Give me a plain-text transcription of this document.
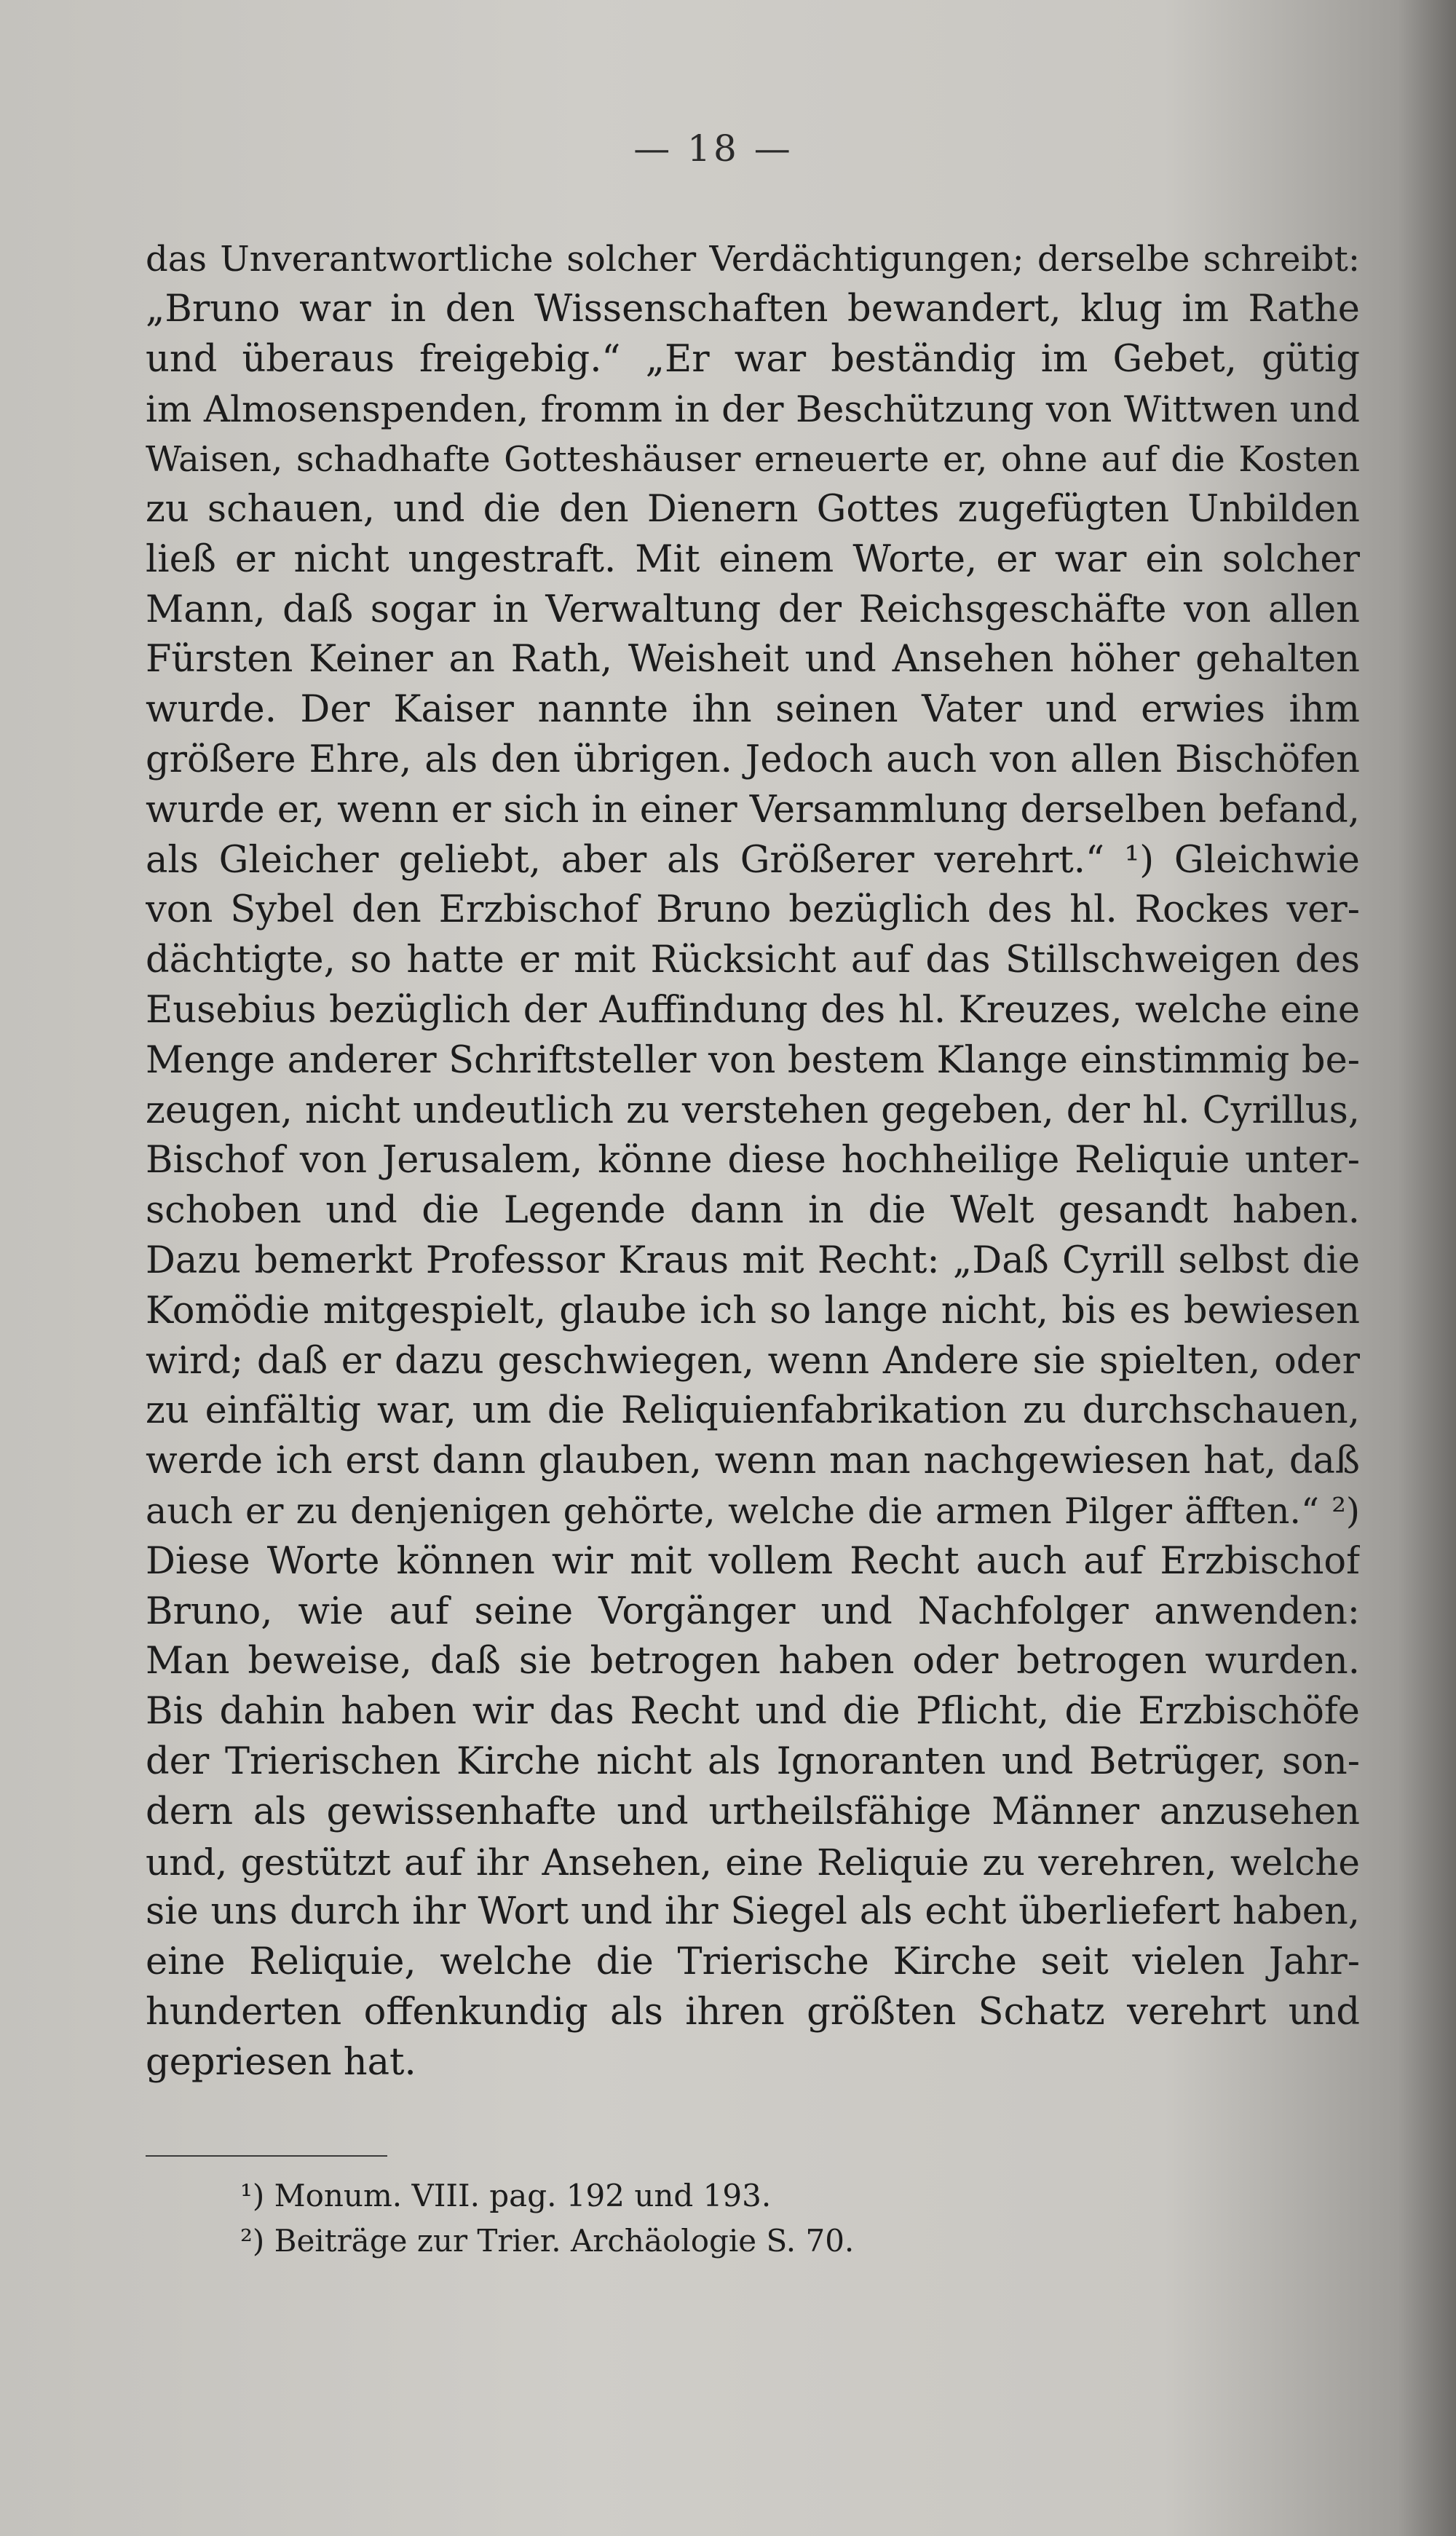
— 18 —
das Unverantwortliche solcher Verdächtigungen; derselbe schreibt:
„Bruno war in den Wissenschaften bewandert, klug im Rathe
und überaus freigebig.“ „Er war beständig im Gebet, gütig
im Almosenspenden, fromm in der Beschützung von Wittwen und
Waisen, schadhafte Gotteshäuser erneuerte er, ohne auf die Kosten
zu schauen, und die den Dienern Gottes zugefügten Unbilden
ließ er nicht ungestraft. Mit einem Worte, er war ein solcher
Mann, daß sogar in Verwaltung der Reichsgeschäfte von allen
Fürsten Keiner an Rath, Weisheit und Ansehen höher gehalten
wurde. Der Kaiser nannte ihn seinen Vater und erwies ihm
größere Ehre, als den übrigen. Jedoch auch von allen Bischöfen
wurde er, wenn er sich in einer Versammlung derselben befand,
als Gleicher geliebt, aber als Größerer verehrt.“ ¹) Gleichwie
von Sybel den Erzbischof Bruno bezüglich des hl. Rockes ver-
dächtigte, so hatte er mit Rücksicht auf das Stillschweigen des
Eusebius bezüglich der Auffindung des hl. Kreuzes, welche eine
Menge anderer Schriftsteller von bestem Klange einstimmig be-
zeugen, nicht undeutlich zu verstehen gegeben, der hl. Cyrillus,
Bischof von Jerusalem, könne diese hochheilige Reliquie unter-
schoben und die Legende dann in die Welt gesandt haben.
Dazu bemerkt Professor Kraus mit Recht: „Daß Cyrill selbst die
Komödie mitgespielt, glaube ich so lange nicht, bis es bewiesen
wird; daß er dazu geschwiegen, wenn Andere sie spielten, oder
zu einfältig war, um die Reliquienfabrikation zu durchschauen,
werde ich erst dann glauben, wenn man nachgewiesen hat, daß
auch er zu denjenigen gehörte, welche die armen Pilger äfften.“ ²)
Diese Worte können wir mit vollem Recht auch auf Erzbischof
Bruno, wie auf seine Vorgänger und Nachfolger anwenden:
Man beweise, daß sie betrogen haben oder betrogen wurden.
Bis dahin haben wir das Recht und die Pflicht, die Erzbischöfe
der Trierischen Kirche nicht als Ignoranten und Betrüger, son-
dern als gewissenhafte und urtheilsfähige Männer anzusehen
und, gestützt auf ihr Ansehen, eine Reliquie zu verehren, welche
sie uns durch ihr Wort und ihr Siegel als echt überliefert haben,
eine Reliquie, welche die Trierische Kirche seit vielen Jahr-
hunderten offenkundig als ihren größten Schatz verehrt und
gepriesen hat.
¹) Monum. VIII. pag. 192 und 193.
²) Beiträge zur Trier. Archäologie S. 70.
